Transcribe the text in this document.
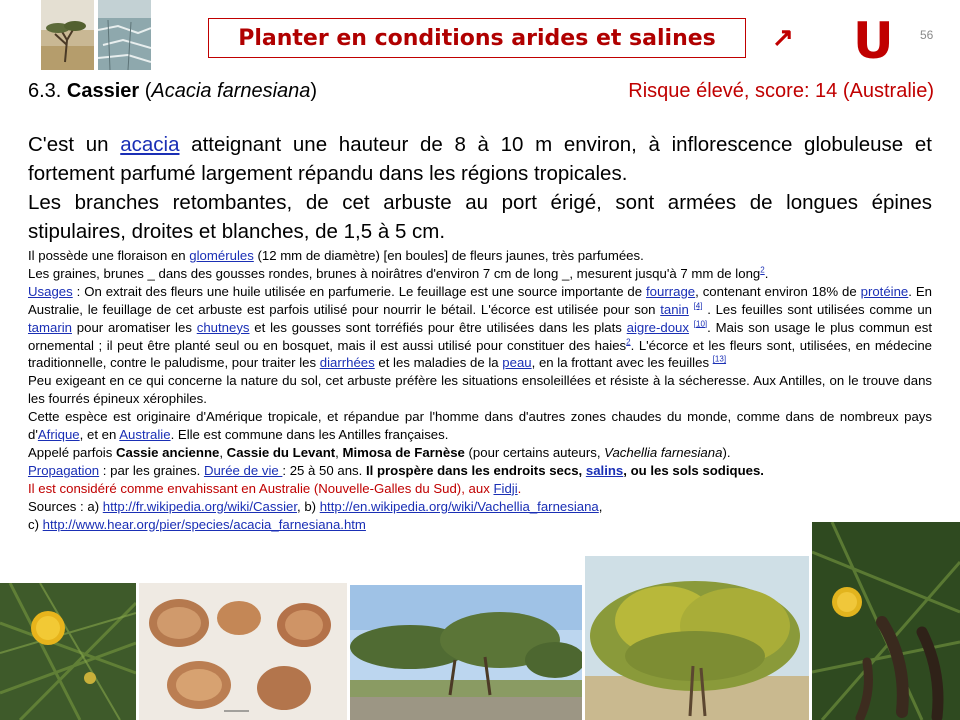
Planter en conditions arides et salines ↗ U 56
6.3. Cassier (Acacia farnesiana)	Risque élevé, score: 14 (Australie)
C'est un acacia atteignant une hauteur de 8 à 10 m environ, à inflorescence globuleuse et fortement parfumé largement répandu dans les régions tropicales.
Les branches retombantes, de cet arbuste au port érigé, sont armées de longues épines stipulaires, droites et blanches, de 1,5 à 5 cm.

Il possède une floraison en glomérules (12 mm de diamètre) [en boules] de fleurs jaunes, très parfumées.

Les graines, brunes _ dans des gousses rondes, brunes à noirâtres d'environ 7 cm de long _, mesurent jusqu'à 7 mm de long$^2$.

Usages : On extrait des fleurs une huile utilisée en parfumerie. Le feuillage est une source importante de fourrage, contenant environ 18% de protéine. En Australie, le feuillage de cet arbuste est parfois utilisé pour nourrir le bétail. L'écorce est utilisée pour son tanin [4] . Les feuilles sont utilisées comme un tamarin pour aromatiser les chutneys et les gousses sont torréfiés pour être utilisées dans les plats aigre-doux [10]. Mais son usage le plus commun est ornemental ; il peut être planté seul ou en bosquet, mais il est aussi utilisé pour constituer des haies$^2$. L'écorce et les fleurs sont, utilisées, en médecine traditionnelle, contre le paludisme, pour traiter les diarrhées et les maladies de la peau, en la frottant avec les feuilles [13]

Peu exigeant en ce qui concerne la nature du sol, cet arbuste préfère les situations ensoleillées et résiste à la sécheresse. Aux Antilles, on le trouve dans les fourrés épineux xérophiles.

Cette espèce est originaire d'Amérique tropicale, et répandue par l'homme dans d'autres zones chaudes du monde, comme dans de nombreux pays d'Afrique, et en Australie. Elle est commune dans les Antilles françaises.

Appelé parfois Cassie ancienne, Cassie du Levant, Mimosa de Farnèse (pour certains auteurs, Vachellia farnesiana).

Propagation : par les graines. Durée de vie : 25 à 50 ans. Il prospère dans les endroits secs, salins, ou les sols sodiques.

Il est considéré comme envahissant en Australie (Nouvelle-Galles du Sud), aux Fidji.

Sources : a) http://fr.wikipedia.org/wiki/Cassier, b) http://en.wikipedia.org/wiki/Vachellia_farnesiana,
c) http://www.hear.org/pier/species/acacia_farnesiana.htm
